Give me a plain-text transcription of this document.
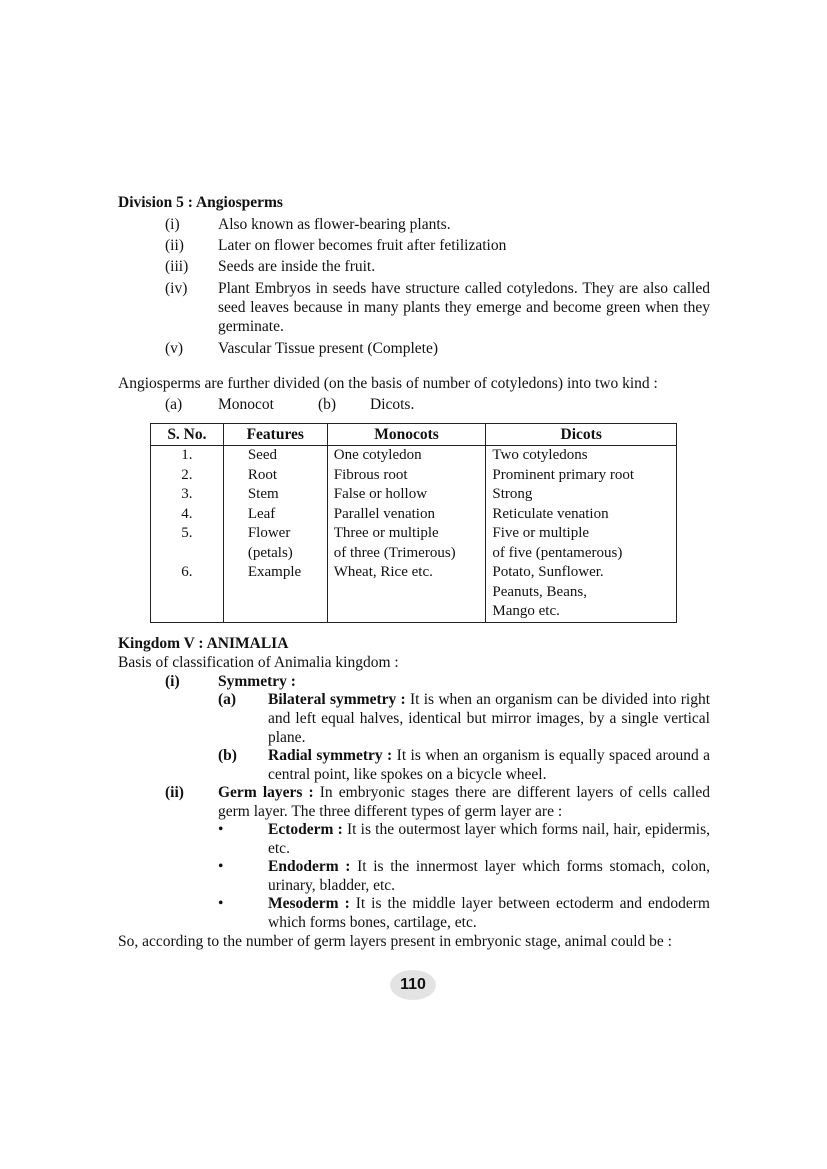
Division 5 : Angiosperms
(i) Also known as flower-bearing plants.
(ii) Later on flower becomes fruit after fetilization
(iii) Seeds are inside the fruit.
(iv) Plant Embryos in seeds have structure called cotyledons. They are also called seed leaves because in many plants they emerge and become green when they germinate.
(v) Vascular Tissue present (Complete)
Angiosperms are further divided (on the basis of number of cotyledons) into two kind :
(a) Monocot	(b) Dicots.
S. No.	Features	Monocots	Dicots
1.	Seed	One cotyledon	Two cotyledons
2.	Root	Fibrous root	Prominent primary root
3.	Stem	False or hollow	Strong
4.	Leaf	Parallel venation	Reticulate venation
5.	Flower	Three or multiple	Five or multiple
	(petals)	of three (Trimerous)	of five (pentamerous)
6.	Example	Wheat, Rice etc.	Potato, Sunflower.
			Peanuts, Beans,
			Mango etc.
Kingdom V : ANIMALIA
Basis of classification of Animalia kingdom :
(i) Symmetry :
(a) Bilateral symmetry : It is when an organism can be divided into right and left equal halves, identical but mirror images, by a single vertical plane.
(b) Radial symmetry : It is when an organism is equally spaced around a central point, like spokes on a bicycle wheel.
(ii) Germ layers : In embryonic stages there are different layers of cells called germ layer. The three different types of germ layer are :
•	Ectoderm : It is the outermost layer which forms nail, hair, epidermis, etc.
•	Endoderm : It is the innermost layer which forms stomach, colon, urinary, bladder, etc.
•	Mesoderm : It is the middle layer between ectoderm and endoderm which forms bones, cartilage, etc.
So, according to the number of germ layers present in embryonic stage, animal could be :
110
